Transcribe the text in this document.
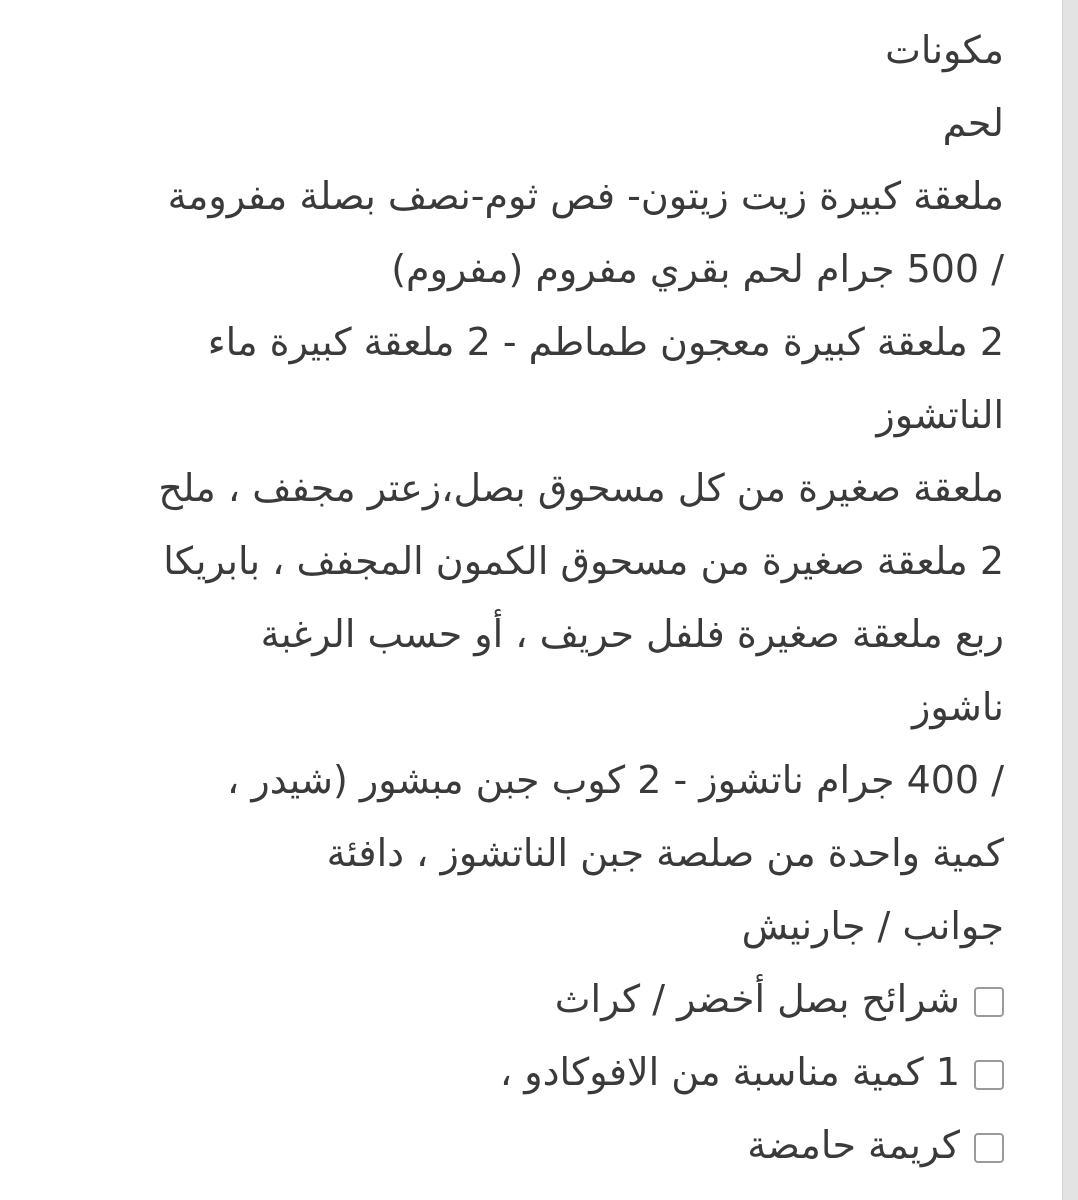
مكونات
لحم
ملعقة كبيرة زيت زيتون- فص ثوم-نصف بصلة مفرومة
/ 500 جرام لحم بقري مفروم (مفروم)
2 ملعقة كبيرة معجون طماطم - 2 ملعقة كبيرة ماء
الناتشوز
ملعقة صغيرة من كل مسحوق بصل،زعتر مجفف ، ملح
2 ملعقة صغيرة من مسحوق الكمون المجفف ، بابريكا
ربع ملعقة صغيرة فلفل حريف ، أو حسب الرغبة
ناشوز
/ 400 جرام ناتشوز - 2 كوب جبن مبشور (شيدر ،
كمية واحدة من صلصة جبن الناتشوز ، دافئة
جوانب / جارنيش
شرائح بصل أخضر / كراث
1 كمية مناسبة من الافوكادو ،
كريمة حامضة
